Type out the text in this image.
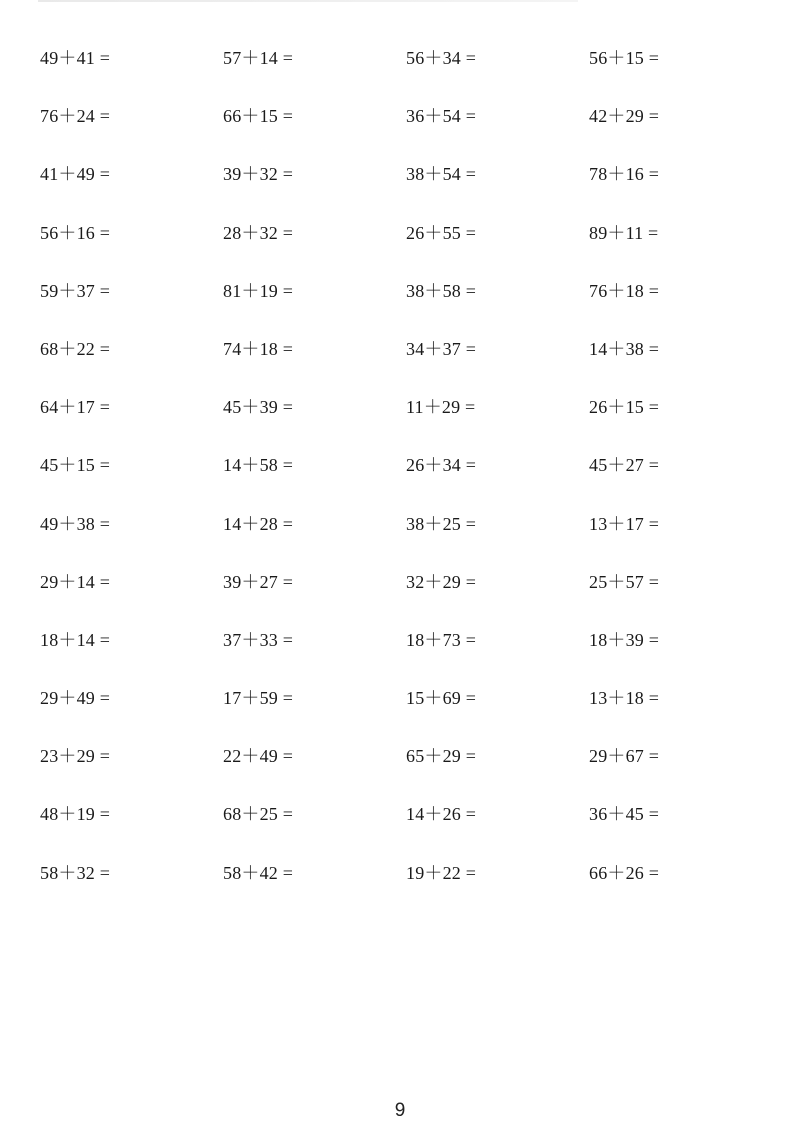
49＋41 =	57＋14 =	56＋34 =	56＋15 =
76＋24 =	66＋15 =	36＋54 =	42＋29 =
41＋49 =	39＋32 =	38＋54 =	78＋16 =
56＋16 =	28＋32 =	26＋55 =	89＋11 =
59＋37 =	81＋19 =	38＋58 =	76＋18 =
68＋22 =	74＋18 =	34＋37 =	14＋38 =
64＋17 =	45＋39 =	11＋29 =	26＋15 =
45＋15 =	14＋58 =	26＋34 =	45＋27 =
49＋38 =	14＋28 =	38＋25 =	13＋17 =
29＋14 =	39＋27 =	32＋29 =	25＋57 =
18＋14 =	37＋33 =	18＋73 =	18＋39 =
29＋49 =	17＋59 =	15＋69 =	13＋18 =
23＋29 =	22＋49 =	65＋29 =	29＋67 =
48＋19 =	68＋25 =	14＋26 =	36＋45 =
58＋32 =	58＋42 =	19＋22 =	66＋26 =
9
